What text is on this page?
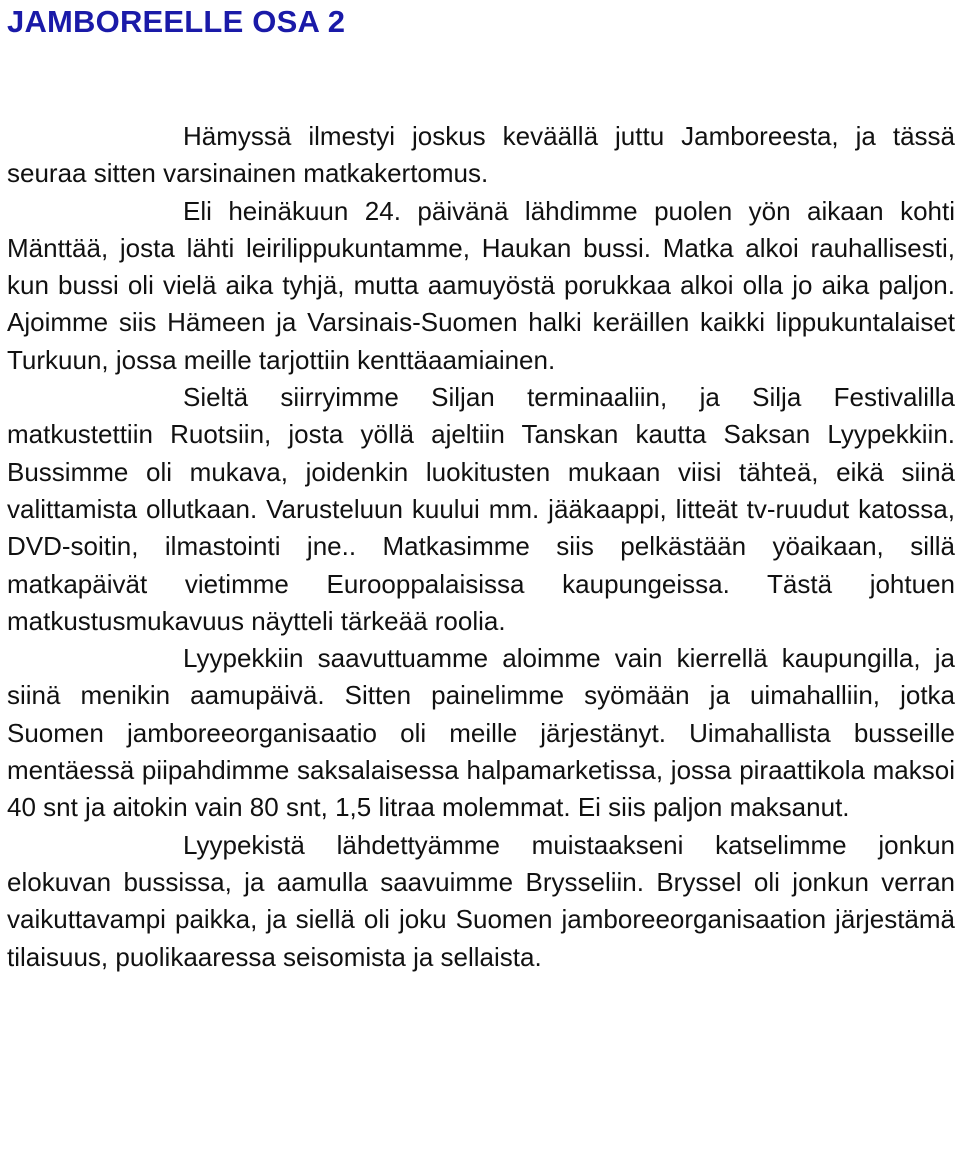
JAMBOREELLE OSA 2

Hämyssä ilmestyi joskus keväällä juttu Jamboreesta, ja tässä seuraa sitten varsinainen matkakertomus.

Eli heinäkuun 24. päivänä lähdimme puolen yön aikaan kohti Mänttää, josta lähti leirilippukuntamme, Haukan bussi. Matka alkoi rauhallisesti, kun bussi oli vielä aika tyhjä, mutta aamuyöstä porukkaa alkoi olla jo aika paljon. Ajoimme siis Hämeen ja Varsinais-Suomen halki keräillen kaikki lippukuntalaiset Turkuun, jossa meille tarjottiin kenttäaamiainen.

Sieltä siirryimme Siljan terminaaliin, ja Silja Festivalilla matkustettiin Ruotsiin, josta yöllä ajeltiin Tanskan kautta Saksan Lyypekkiin. Bussimme oli mukava, joidenkin luokitusten mukaan viisi tähteä, eikä siinä valittamista ollutkaan. Varusteluun kuului mm. jääkaappi, litteät tv-ruudut katossa, DVD-soitin, ilmastointi jne.. Matkasimme siis pelkästään yöaikaan, sillä matkapäivät vietimme Eurooppalaisissa kaupungeissa. Tästä johtuen matkustusmukavuus näytteli tärkeää roolia.

Lyypekkiin saavuttuamme aloimme vain kierrellä kaupungilla, ja siinä menikin aamupäivä. Sitten painelimme syömään ja uimahalliin, jotka Suomen jamboreeorganisaatio oli meille järjestänyt. Uimahallista busseille mentäessä piipahdimme saksalaisessa halpamarketissa, jossa piraattikola maksoi 40 snt ja aitokin vain 80 snt, 1,5 litraa molemmat. Ei siis paljon maksanut.

Lyypekistä lähdettyämme muistaakseni katselimme jonkun elokuvan bussissa, ja aamulla saavuimme Brysseliin. Bryssel oli jonkun verran vaikuttavampi paikka, ja siellä oli joku Suomen jamboreeorganisaation järjestämä tilaisuus, puolikaaressa seisomista ja sellaista.
